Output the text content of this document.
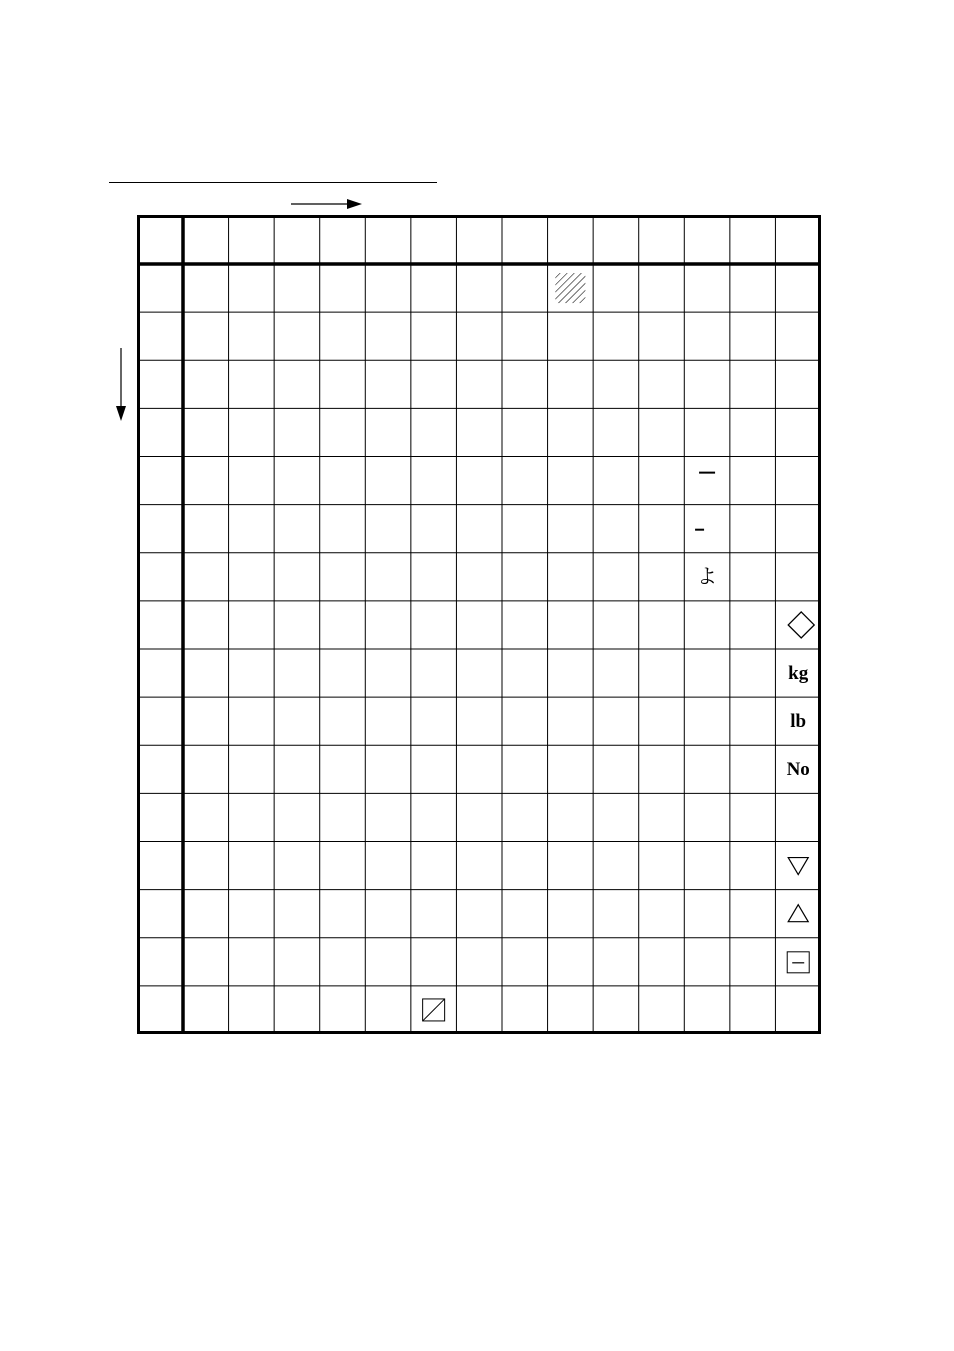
よ
kg
lb
No
